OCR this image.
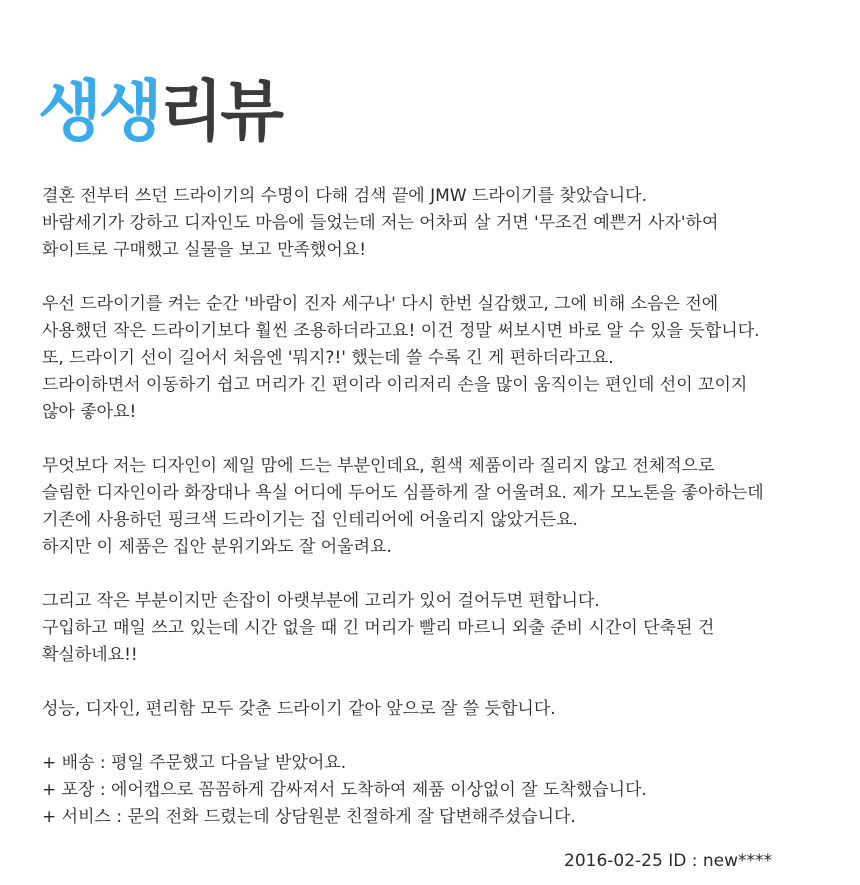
생생리뷰
결혼 전부터 쓰던 드라이기의 수명이 다해 검색 끝에 JMW 드라이기를 찾았습니다.
바람세기가 강하고 디자인도 마음에 들었는데 저는 어차피 살 거면 '무조건 예쁜거 사자'하여
화이트로 구매했고 실물을 보고 만족했어요!
우선 드라이기를 켜는 순간 '바람이 진자 세구나' 다시 한번 실감했고, 그에 비해 소음은 전에
사용했던 작은 드라이기보다 훨씬 조용하더라고요! 이건 정말 써보시면 바로 알 수 있을 듯합니다.
또, 드라이기 선이 길어서 처음엔 '뭐지?!' 했는데 쓸 수록 긴 게 편하더라고요.
드라이하면서 이동하기 쉽고 머리가 긴 편이라 이리저리 손을 많이 움직이는 편인데 선이 꼬이지
않아 좋아요!
무엇보다 저는 디자인이 제일 맘에 드는 부분인데요, 흰색 제품이라 질리지 않고 전체적으로
슬림한 디자인이라 화장대나 욕실 어디에 두어도 심플하게 잘 어울려요. 제가 모노톤을 좋아하는데
기존에 사용하던 핑크색 드라이기는 집 인테리어에 어울리지 않았거든요.
하지만 이 제품은 집안 분위기와도 잘 어울려요.
그리고 작은 부분이지만 손잡이 아랫부분에 고리가 있어 걸어두면 편합니다.
구입하고 매일 쓰고 있는데 시간 없을 때 긴 머리가 빨리 마르니 외출 준비 시간이 단축된 건
확실하네요!!
성능, 디자인, 편리함 모두 갖춘 드라이기 같아 앞으로 잘 쓸 듯합니다.
+ 배송 : 평일 주문했고 다음날 받았어요.
+ 포장 : 에어캡으로 꼼꼼하게 감싸져서 도착하여 제품 이상없이 잘 도착했습니다.
+ 서비스 : 문의 전화 드렸는데 상담원분 친절하게 잘 답변해주셨습니다.
2016-02-25 ID : new****
